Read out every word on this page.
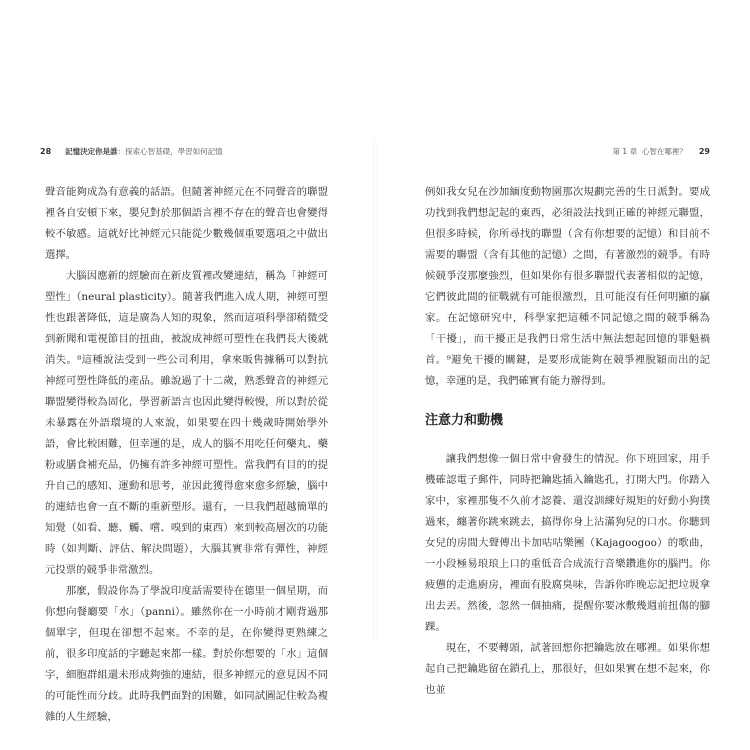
28 記憶決定你是誰：探索心智基礎，學習如何記憶	第 1 章 心智在哪裡？ 29

聲音能夠成為有意義的話語。但隨著神經元在不同聲音的聯盟裡各自安頓下來，嬰兒對於那個語言裡不存在的聲音也會變得較不敏感。這就好比神經元只能從少數幾個重要選項之中做出選擇。

大腦因應新的經驗而在新皮質裡改變連結，稱為「神經可塑性」（neural plasticity）。隨著我們進入成人期，神經可塑性也跟著降低，這是廣為人知的現象，然而這項科學卻稍微受到新聞和電視節目的扭曲，被說成神經可塑性在我們長大後就消失。⁸這種說法受到一些公司利用，拿來販售據稱可以對抗神經可塑性降低的產品。雖說過了十二歲，熟悉聲音的神經元聯盟變得較為固化，學習新語言也因此變得較慢，所以對於從未暴露在外語環境的人來說，如果要在四十幾歲時開始學外語，會比較困難，但幸運的是，成人的腦不用吃任何藥丸、藥粉或膳食補充品，仍擁有許多神經可塑性。當我們有目的的提升自己的感知、運動和思考，並因此獲得愈來愈多經驗，腦中的連結也會一直不斷的重新塑形。還有，一旦我們超越簡單的知覺（如看、聽、觸、嚐、嗅到的東西）來到較高層次的功能時（如判斷、評估、解決問題），大腦其實非常有彈性，神經元投票的競爭非常激烈。

那麼，假設你為了學說印度話需要待在德里一個星期，而你想向餐廳要「水」（panni）。雖然你在一小時前才剛背過那個單字，但現在卻想不起來。不幸的是，在你變得更熟練之前，很多印度話的字聽起來都一樣。對於你想要的「水」這個字，細胞群組還未形成夠強的連結，很多神經元的意見因不同的可能性而分歧。此時我們面對的困難，如同試圖記住較為複雜的人生經驗，

例如我女兒在沙加緬度動物園那次規劃完善的生日派對。要成功找到我們想記起的東西，必須設法找到正確的神經元聯盟，但很多時候，你所尋找的聯盟（含有你想要的記憶）和目前不需要的聯盟（含有其他的記憶）之間，有著激烈的競爭。有時候競爭沒那麼強烈，但如果你有很多聯盟代表著相似的記憶，它們彼此間的征戰就有可能很激烈，且可能沒有任何明顯的贏家。在記憶研究中，科學家把這種不同記憶之間的競爭稱為「干擾」，而干擾正是我們日常生活中無法想起回憶的罪魁禍首。⁹避免干擾的關鍵，是要形成能夠在競爭裡脫穎而出的記憶，幸運的是，我們確實有能力辦得到。

注意力和動機

讓我們想像一個日常中會發生的情況。你下班回家，用手機確認電子郵件，同時把鑰匙插入鑰匙孔，打開大門。你踏入家中，家裡那隻不久前才認養、還沒訓練好規矩的好動小狗撲過來，纏著你跳來跳去，搞得你身上沾滿狗兒的口水。你聽到女兒的房間大聲傳出卡加咕咕樂團（Kajagoogoo）的歌曲，一小段極易琅琅上口的重低音合成流行音樂鑽進你的腦門。你疲憊的走進廚房，裡面有股腐臭味，告訴你昨晚忘記把垃圾拿出去丟。然後，忽然一個抽痛，提醒你要冰敷幾週前扭傷的腳踝。

現在，不要轉頭，試著回想你把鑰匙放在哪裡。如果你想起自己把鑰匙留在鎖孔上，那很好，但如果實在想不起來，你也並
